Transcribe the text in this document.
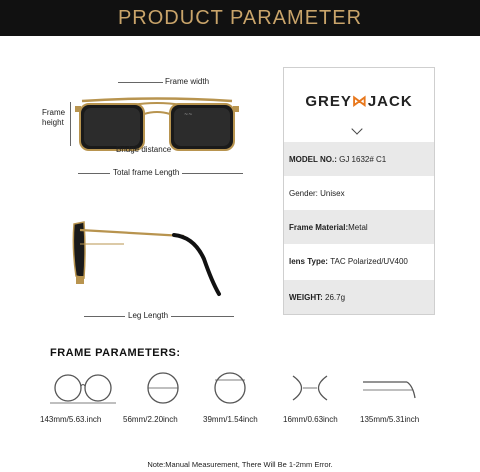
PRODUCT PARAMETER
~~
Frame width
Frame
height
Bridge distance
Total frame Length
Leg Length
GREY⋈JACK
MODEL NO.:
GJ 1632# C1
Gender:
Unisex
Frame Material: Metal
lens Type:
TAC Polarized/UV400
WEIGHT:
26.7g
FRAME PARAMETERS:
143mm/5.63.inch	56mm/2.20inch	39mm/1.54inch	16mm/0.63inch	135mm/5.31inch
Note:Manual Measurement, There Will Be 1-2mm Error.
